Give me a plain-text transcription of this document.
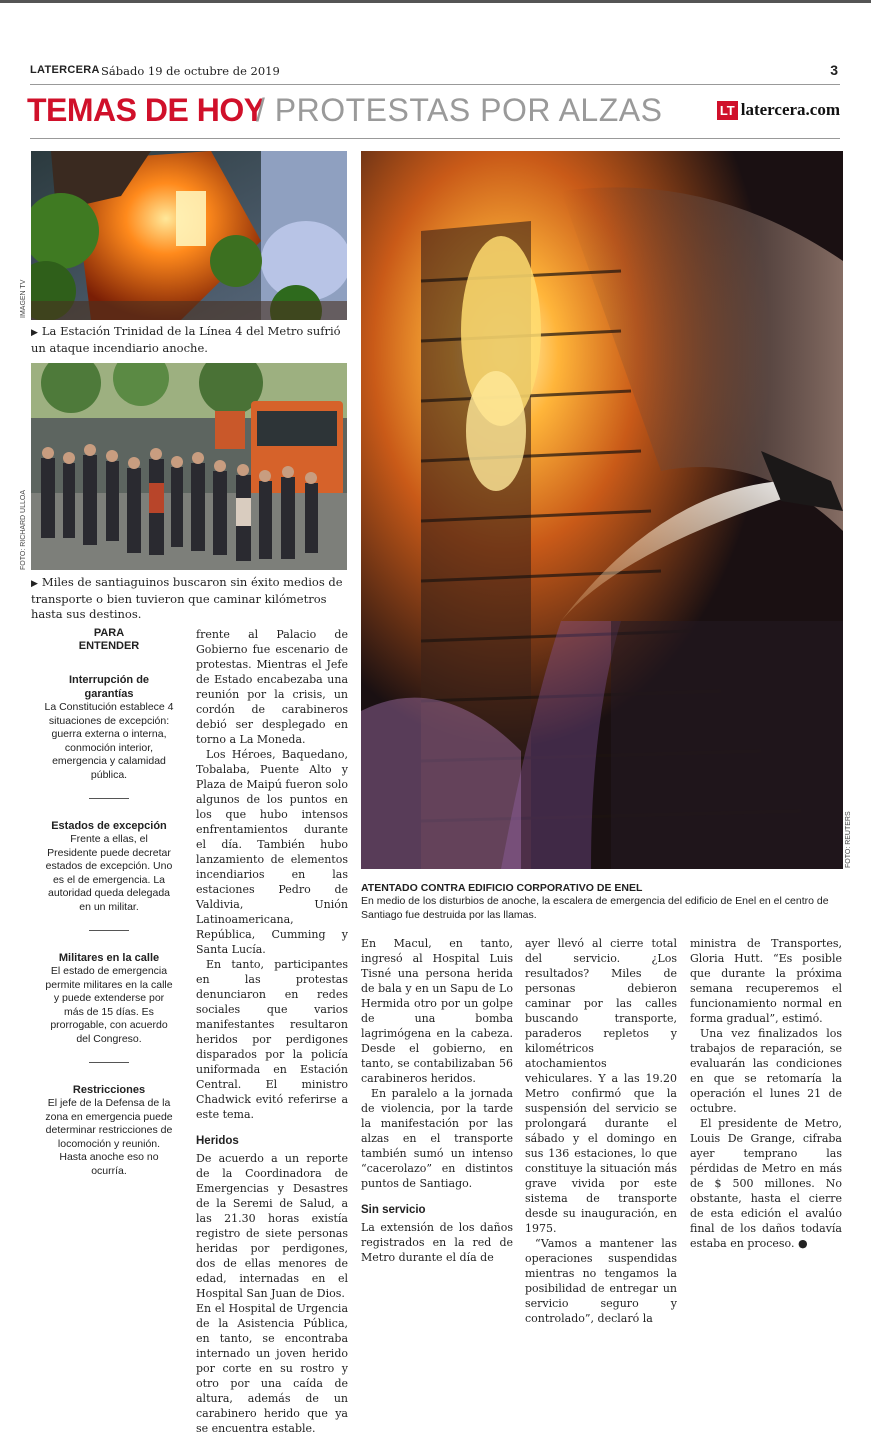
LATERCERA Sábado 19 de octubre de 2019	3
TEMAS DE HOY
/ PROTESTAS POR ALZAS	LT latercera.com
IMAGEN TV
▶ La Estación Trinidad de la Línea 4 del Metro sufrió un ataque incendiario anoche.
FOTO: RICHARD ULLOA
▶ Miles de santiaguinos buscaron sin éxito medios de transporte o bien tuvieron que caminar kilómetros hasta sus destinos.
FOTO: REUTERS
ATENTADO CONTRA EDIFICIO CORPORATIVO DE ENEL
En medio de los disturbios de anoche, la escalera de emergencia del edificio de Enel en el centro de Santiago fue destruida por las llamas.
PARA
ENTENDER
Interrupción de garantías
La Constitución establece 4 situaciones de excepción: guerra externa o interna, conmoción interior, emergencia y calamidad pública.
Estados de excepción
Frente a ellas, el Presidente puede decretar estados de excepción. Uno es el de emergencia. La autoridad queda delegada en un militar.
Militares en la calle
El estado de emergencia permite militares en la calle y puede extenderse por más de 15 días. Es prorrogable, con acuerdo del Congreso.
Restricciones
El jefe de la Defensa de la zona en emergencia puede determinar restricciones de locomoción y reunión. Hasta anoche eso no ocurría.

frente al Palacio de Gobierno fue escenario de protestas. Mientras el Jefe de Estado encabezaba una reunión por la crisis, un cordón de carabineros debió ser desplegado en torno a La Moneda.

Los Héroes, Baquedano, Tobalaba, Puente Alto y Plaza de Maipú fueron solo algunos de los puntos en los que hubo intensos enfrentamientos durante el día. También hubo lanzamiento de elementos incendiarios en las estaciones Pedro de Valdivia, Unión Latinoamericana, República, Cumming y Santa Lucía.

En tanto, participantes en las protestas denunciaron en redes sociales que varios manifestantes resultaron heridos por perdigones disparados por la policía uniformada en Estación Central. El ministro Chadwick evitó referirse a este tema.

Heridos

De acuerdo a un reporte de la Coordinadora de Emergencias y Desastres de la Seremi de Salud, a las 21.30 horas existía registro de siete personas heridas por perdigones, dos de ellas menores de edad, internadas en el Hospital San Juan de Dios.

En el Hospital de Urgencia de la Asistencia Pública, en tanto, se encontraba internado un joven herido por corte en su rostro y otro por una caída de altura, además de un carabinero herido que ya se encuentra estable.

En Macul, en tanto, ingresó al Hospital Luis Tisné una persona herida de bala y en un Sapu de Lo Hermida otro por un golpe de una bomba lagrimógena en la cabeza. Desde el gobierno, en tanto, se contabilizaban 56 carabineros heridos.

En paralelo a la jornada de violencia, por la tarde la manifestación por las alzas en el transporte también sumó un intenso “cacerolazo” en distintos puntos de Santiago.

Sin servicio

La extensión de los daños registrados en la red de Metro durante el día de

ayer llevó al cierre total del servicio. ¿Los resultados? Miles de personas debieron caminar por las calles buscando transporte, paraderos repletos y kilométricos atochamientos vehiculares. Y a las 19.20 Metro confirmó que la suspensión del servicio se prolongará durante el sábado y el domingo en sus 136 estaciones, lo que constituye la situación más grave vivida por este sistema de transporte desde su inauguración, en 1975.

“Vamos a mantener las operaciones suspendidas mientras no tengamos la posibilidad de entregar un servicio seguro y controlado”, declaró la

ministra de Transportes, Gloria Hutt. “Es posible que durante la próxima semana recuperemos el funcionamiento normal en forma gradual”, estimó.

Una vez finalizados los trabajos de reparación, se evaluarán las condiciones en que se retomaría la operación el lunes 21 de octubre.

El presidente de Metro, Louis De Grange, cifraba ayer temprano las pérdidas de Metro en más de $ 500 millones. No obstante, hasta el cierre de esta edición el avalúo final de los daños todavía estaba en proceso. ●
